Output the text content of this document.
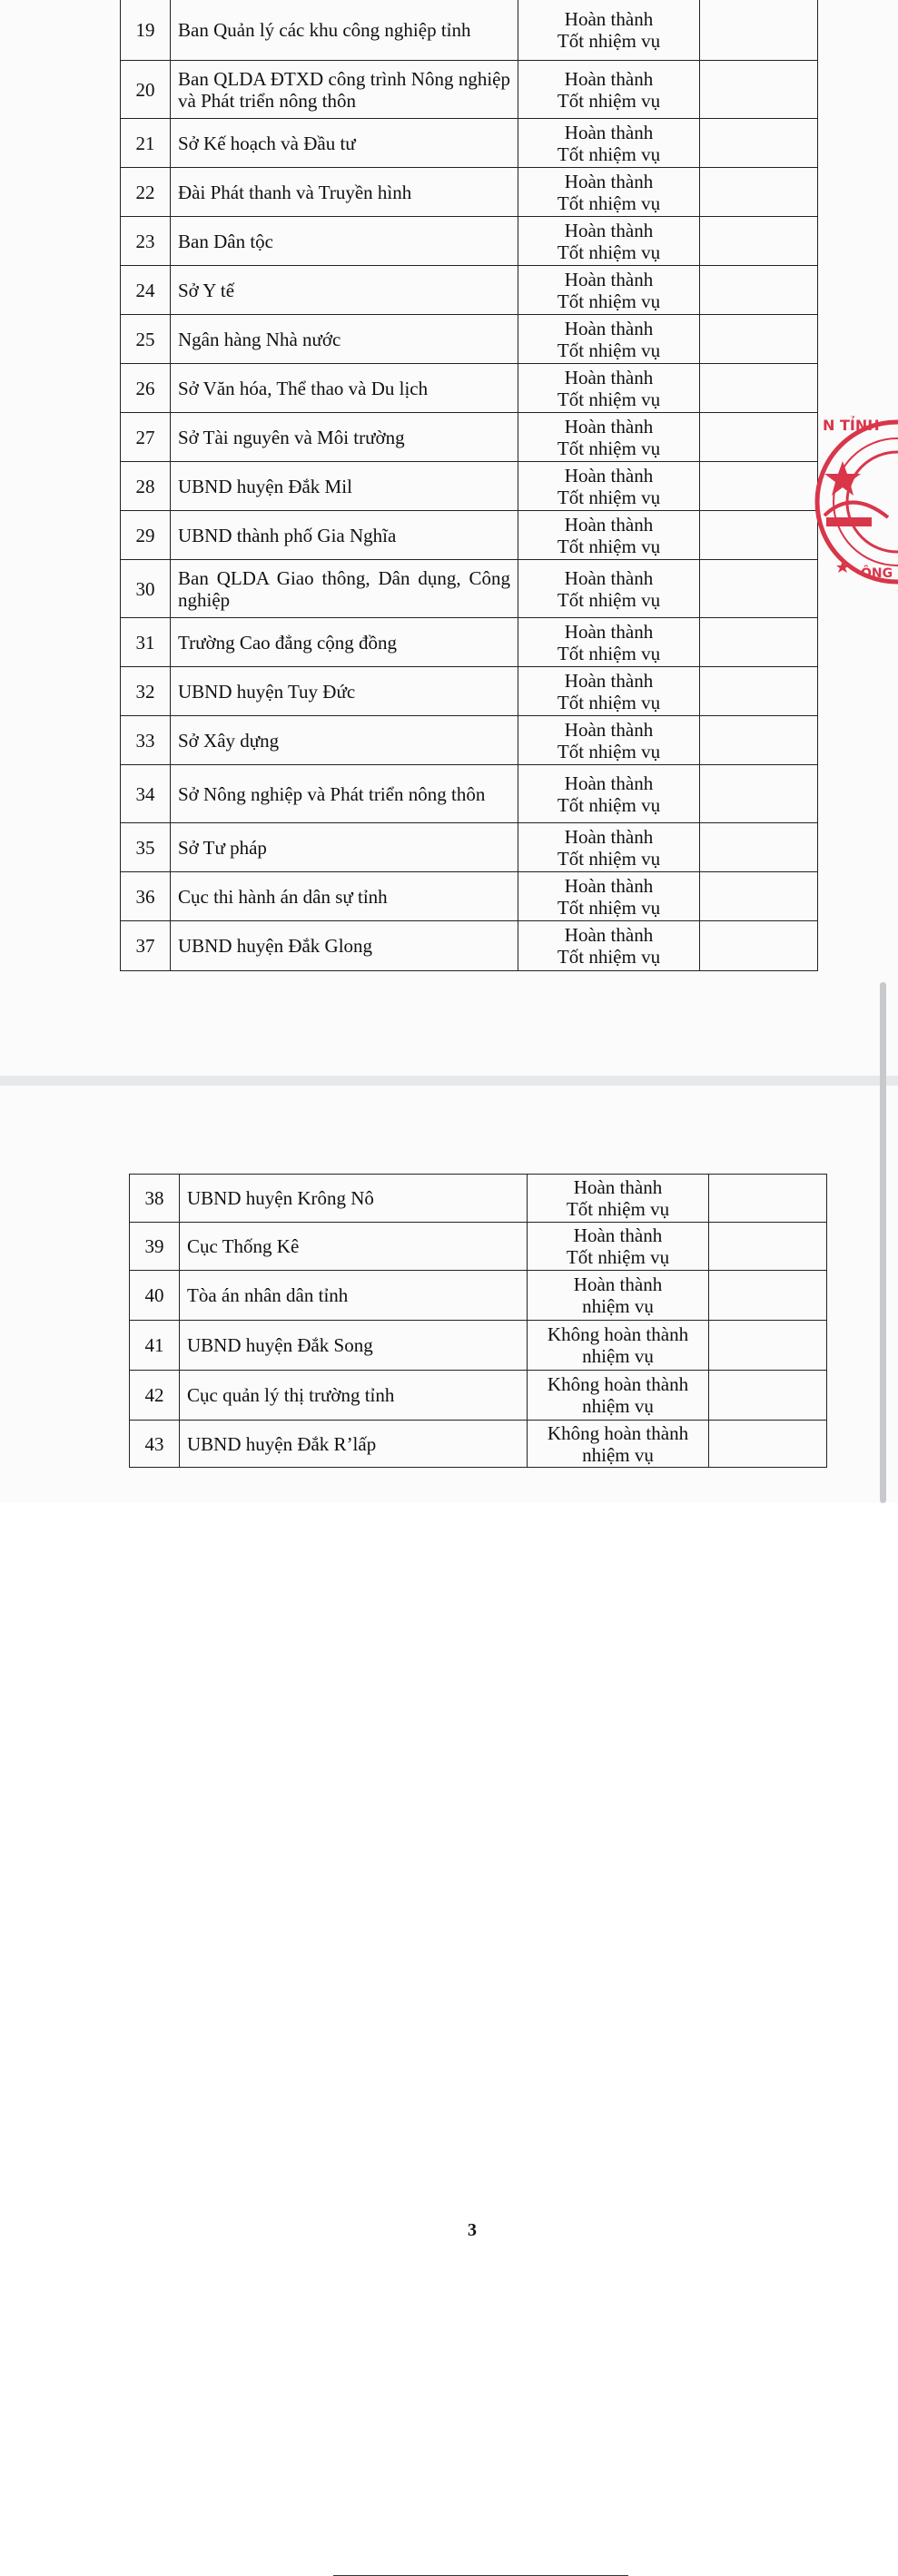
19	Ban Quản lý các khu công nghiệp tỉnh	Hoàn thành
Tốt nhiệm vụ	

20	Ban QLDA ĐTXD công trình Nông nghiệp và Phát triển nông thôn	Hoàn thành
Tốt nhiệm vụ	

21	Sở Kế hoạch và Đầu tư	Hoàn thành
Tốt nhiệm vụ	

22	Đài Phát thanh và Truyền hình	Hoàn thành
Tốt nhiệm vụ	

23	Ban Dân tộc	Hoàn thành
Tốt nhiệm vụ	

24	Sở Y tế	Hoàn thành
Tốt nhiệm vụ	

25	Ngân hàng Nhà nước	Hoàn thành
Tốt nhiệm vụ	

26	Sở Văn hóa, Thể thao và Du lịch	Hoàn thành
Tốt nhiệm vụ	

27	Sở Tài nguyên và Môi trường	Hoàn thành
Tốt nhiệm vụ	

28	UBND huyện Đắk Mil	Hoàn thành
Tốt nhiệm vụ	

29	UBND thành phố Gia Nghĩa	Hoàn thành
Tốt nhiệm vụ	

30	Ban QLDA Giao thông, Dân dụng, Công nghiệp	Hoàn thành
Tốt nhiệm vụ	

31	Trường Cao đẳng cộng đồng	Hoàn thành
Tốt nhiệm vụ	

32	UBND huyện Tuy Đức	Hoàn thành
Tốt nhiệm vụ	

33	Sở Xây dựng	Hoàn thành
Tốt nhiệm vụ	

34	Sở Nông nghiệp và Phát triển nông thôn	Hoàn thành
Tốt nhiệm vụ	

35	Sở Tư pháp	Hoàn thành
Tốt nhiệm vụ	

36	Cục thi hành án dân sự tỉnh	Hoàn thành
Tốt nhiệm vụ	

37	UBND huyện Đắk Glong	Hoàn thành
Tốt nhiệm vụ	

N TỈNH
ÔNG
3
38	UBND huyện Krông Nô	Hoàn thành
Tốt nhiệm vụ	

39	Cục Thống Kê	Hoàn thành
Tốt nhiệm vụ	

40	Tòa án nhân dân tỉnh	Hoàn thành
nhiệm vụ	

41	UBND huyện Đắk Song	Không hoàn thành
nhiệm vụ	

42	Cục quản lý thị trường tỉnh	Không hoàn thành
nhiệm vụ	

43	UBND huyện Đắk R’lấp	Không hoàn thành
nhiệm vụ	
